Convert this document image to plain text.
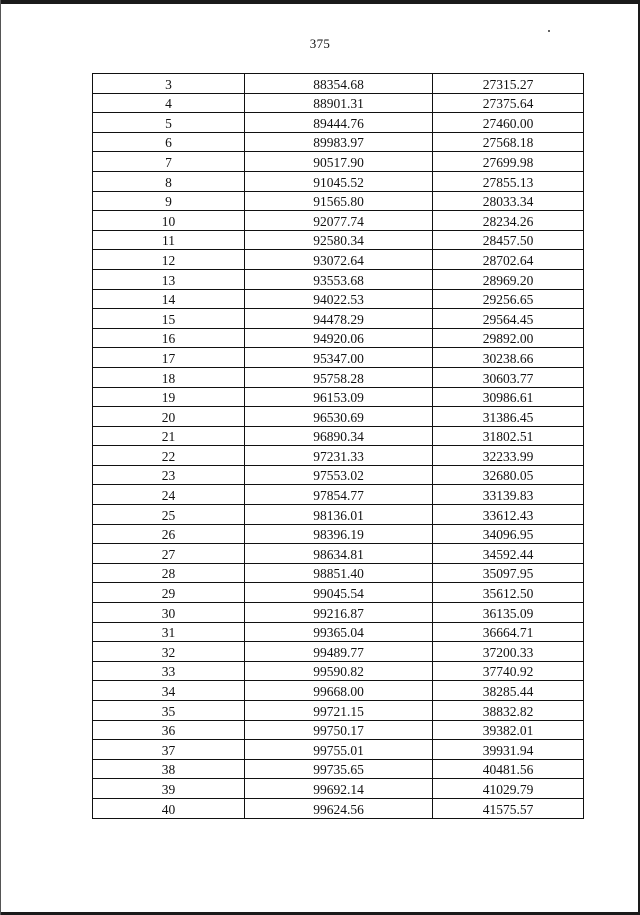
375
3	88354.68	27315.27
4	88901.31	27375.64
5	89444.76	27460.00
6	89983.97	27568.18
7	90517.90	27699.98
8	91045.52	27855.13
9	91565.80	28033.34
10	92077.74	28234.26
11	92580.34	28457.50
12	93072.64	28702.64
13	93553.68	28969.20
14	94022.53	29256.65
15	94478.29	29564.45
16	94920.06	29892.00
17	95347.00	30238.66
18	95758.28	30603.77
19	96153.09	30986.61
20	96530.69	31386.45
21	96890.34	31802.51
22	97231.33	32233.99
23	97553.02	32680.05
24	97854.77	33139.83
25	98136.01	33612.43
26	98396.19	34096.95
27	98634.81	34592.44
28	98851.40	35097.95
29	99045.54	35612.50
30	99216.87	36135.09
31	99365.04	36664.71
32	99489.77	37200.33
33	99590.82	37740.92
34	99668.00	38285.44
35	99721.15	38832.82
36	99750.17	39382.01
37	99755.01	39931.94
38	99735.65	40481.56
39	99692.14	41029.79
40	99624.56	41575.57
